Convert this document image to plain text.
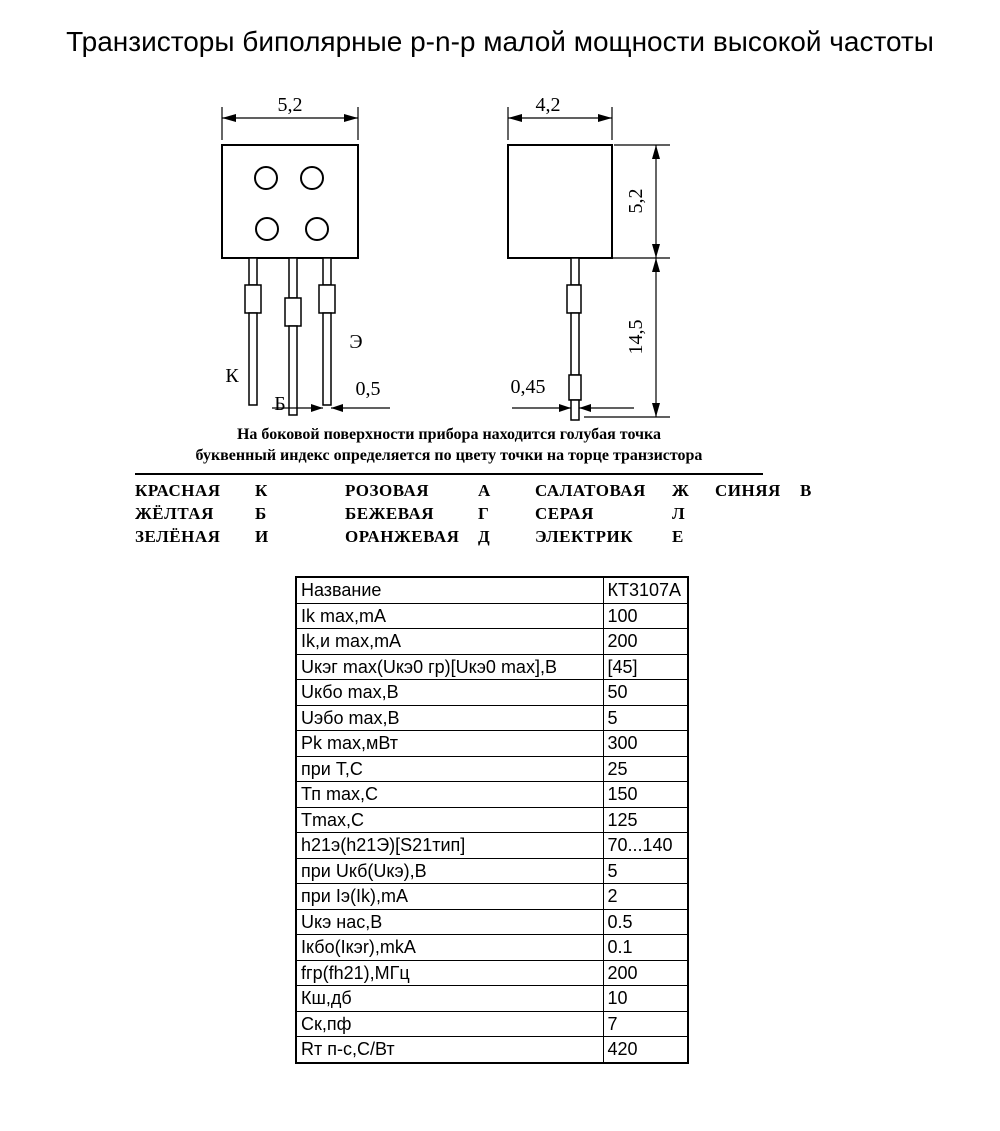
Транзисторы биполярные p-n-p малой мощности высокой частоты
5,2
К
Б
Э
0,5
4,2
5,2
14,5
0,45
На боковой поверхности прибора находится голубая точка
буквенный индекс определяется по цвету точки на торце транзистора
КРАСНАЯ	К	РОЗОВАЯ	А	САЛАТОВАЯ	Ж	СИНЯЯ	В
ЖЁЛТАЯ	Б	БЕЖЕВАЯ	Г	СЕРАЯ	Л
ЗЕЛЁНАЯ	И	ОРАНЖЕВАЯ	Д	ЭЛЕКТРИК	Е
Название	КТ3107А
Ik max,mA	100
Ik,и max,mA	200
Uкэг max(Uкэ0 гр)[Uкэ0 max],В	[45]
Uкбо max,В	50
Uэбо max,В	5
Pk max,мВт	300
при Т,С	25
Тп max,С	150
Tmax,С	125
h21э(h21Э)[S21тип]	70...140
при Uкб(Uкэ),В	5
при Iэ(Ik),mA	2
Uкэ нас,В	0.5
Iкбо(Iкэr),mkA	0.1
fгр(fh21),МГц	200
Кш,дб	10
Ск,пф	7
Rт п-с,С/Вт	420
